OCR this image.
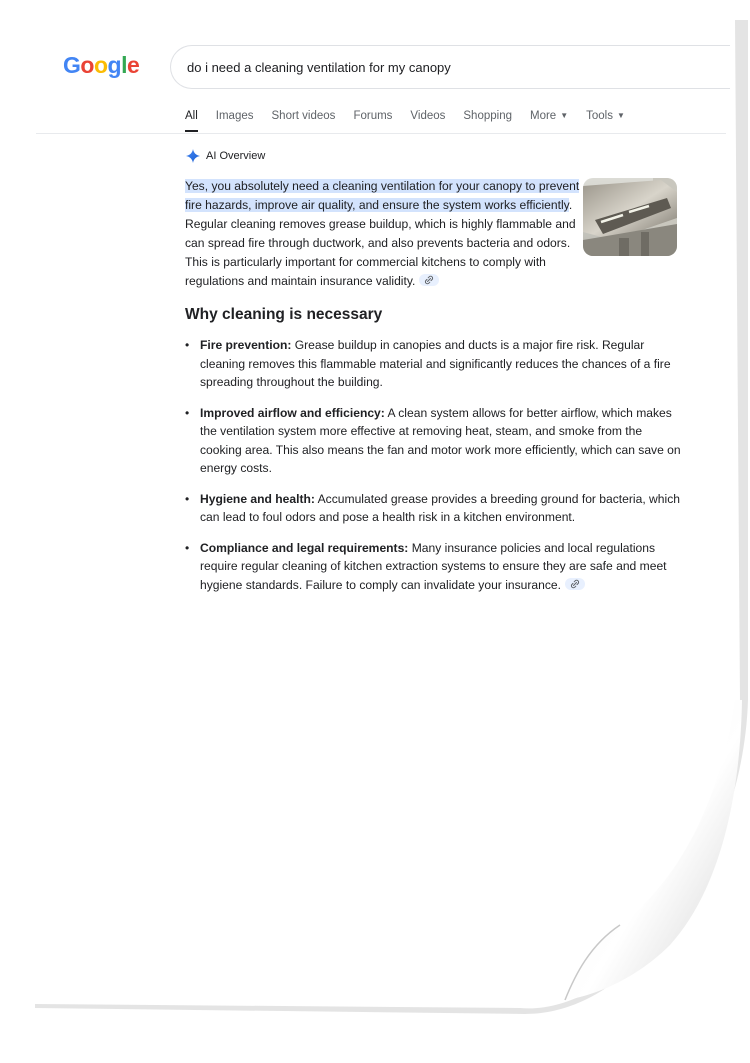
Google	do i need a cleaning ventilation for my canopy
All Images Short videos Forums Videos Shopping More ▼ Tools ▼
AI Overview
Yes, you absolutely need a cleaning ventilation for your canopy to prevent fire hazards, improve air quality, and ensure the system works efficiently. Regular cleaning removes grease buildup, which is highly flammable and can spread fire through ductwork, and also prevents bacteria and odors. This is particularly important for commercial kitchens to comply with regulations and maintain insurance validity.
Why cleaning is necessary
• Fire prevention: Grease buildup in canopies and ducts is a major fire risk. Regular cleaning removes this flammable material and significantly reduces the chances of a fire spreading throughout the building.
• Improved airflow and efficiency: A clean system allows for better airflow, which makes the ventilation system more effective at removing heat, steam, and smoke from the cooking area. This also means the fan and motor work more efficiently, which can save on energy costs.
• Hygiene and health: Accumulated grease provides a breeding ground for bacteria, which can lead to foul odors and pose a health risk in a kitchen environment.
• Compliance and legal requirements: Many insurance policies and local regulations require regular cleaning of kitchen extraction systems to ensure they are safe and meet hygiene standards. Failure to comply can invalidate your insurance.
